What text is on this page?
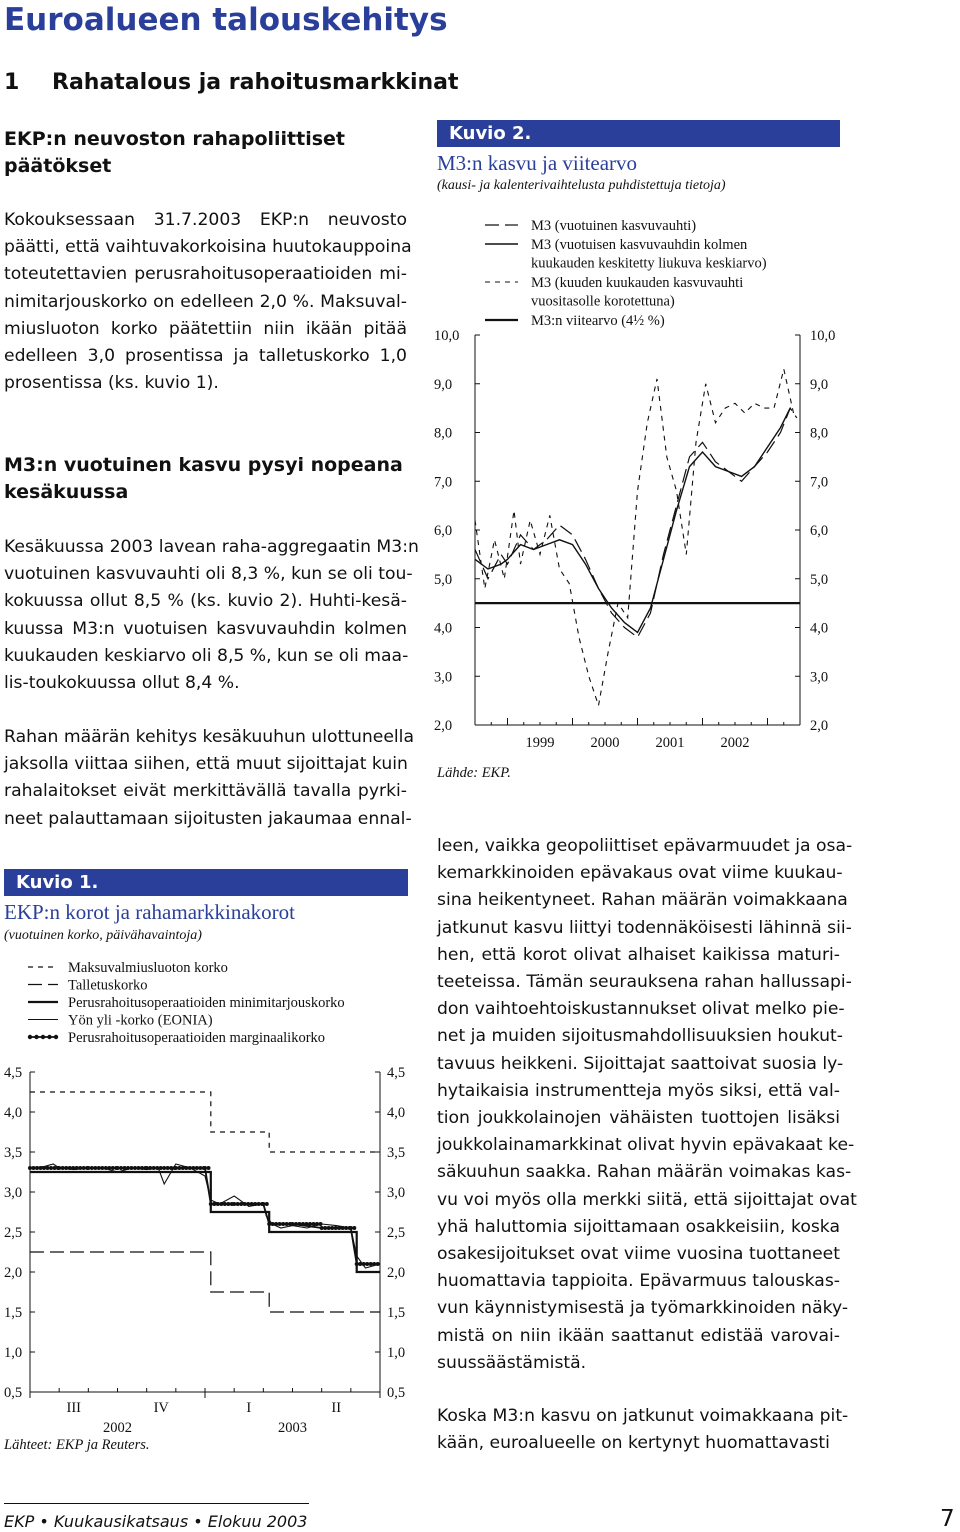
Euroalueen talouskehitys
1 Rahatalous ja rahoitusmarkkinat
EKP:n neuvoston rahapoliittiset
päätökset
Kokouksessaan 31.7.2003 EKP:n neuvosto
päätti, että vaihtuvakorkoisina huutokauppoina
toteutettavien perusrahoitusoperaatioiden mi-
nimitarjouskorko on edelleen 2,0 %. Maksuval-
miusluoton korko päätettiin niin ikään pitää
edelleen 3,0 prosentissa ja talletuskorko 1,0
prosentissa (ks. kuvio 1).
M3:n vuotuinen kasvu pysyi nopeana
kesäkuussa
Kesäkuussa 2003 lavean raha-aggregaatin M3:n
vuotuinen kasvuvauhti oli 8,3 %, kun se oli tou-
kokuussa ollut 8,5 % (ks. kuvio 2). Huhti-kesä-
kuussa M3:n vuotuisen kasvuvauhdin kolmen
kuukauden keskiarvo oli 8,5 %, kun se oli maa-
lis-toukokuussa ollut 8,4 %.
Rahan määrän kehitys kesäkuuhun ulottuneella
jaksolla viittaa siihen, että muut sijoittajat kuin
rahalaitokset eivät merkittävällä tavalla pyrki-
neet palauttamaan sijoitusten jakaumaa ennal-
Kuvio 1.
EKP:n korot ja rahamarkkinakorot
(vuotuinen korko, päivähavaintoja)
Maksuvalmiusluoton korko
Talletuskorko
Perusrahoitusoperaatioiden minimitarjouskorko
Yön yli -korko (EONIA)
Perusrahoitusoperaatioiden marginaalikorko
0,5	0,5
1,0	1,0
1,5	1,5
2,0	2,0
2,5	2,5
3,0	3,0
3,5	3,5
4,0	4,0
4,5	4,5
III	IV	I	II
2002	2003
Lähteet: EKP ja Reuters.
Kuvio 2.
M3:n kasvu ja viitearvo
(kausi- ja kalenterivaihtelusta puhdistettuja tietoja)
M3 (vuotuinen kasvuvauhti)
M3 (vuotuisen kasvuvauhdin kolmen kuukauden keskitetty liukuva keskiarvo)
M3 (kuuden kuukauden kasvuvauhti vuositasolle korotettuna)
M3:n viitearvo (4½ %)
2,0	2,0
3,0	3,0
4,0	4,0
5,0	5,0
6,0	6,0
7,0	7,0
8,0	8,0
9,0	9,0
10,0	10,0
1999 2000 2001 2002
Lähde: EKP.
leen, vaikka geopoliittiset epävarmuudet ja osa-
kemarkkinoiden epävakaus ovat viime kuukau-
sina heikentyneet. Rahan määrän voimakkaana
jatkunut kasvu liittyi todennäköisesti lähinnä sii-
hen, että korot olivat alhaiset kaikissa maturi-
teeteissa. Tämän seurauksena rahan hallussapi-
don vaihtoehtoiskustannukset olivat melko pie-
net ja muiden sijoitusmahdollisuuksien houkut-
tavuus heikkeni. Sijoittajat saattoivat suosia ly-
hytaikaisia instrumentteja myös siksi, että val-
tion joukkolainojen vähäisten tuottojen lisäksi
joukkolainamarkkinat olivat hyvin epävakaat ke-
säkuuhun saakka. Rahan määrän voimakas kas-
vu voi myös olla merkki siitä, että sijoittajat ovat
yhä haluttomia sijoittamaan osakkeisiin, koska
osakesijoitukset ovat viime vuosina tuottaneet
huomattavia tappioita. Epävarmuus talouskas-
vun käynnistymisestä ja työmarkkinoiden näky-
mistä on niin ikään saattanut edistää varovai-
suussäästämistä.
Koska M3:n kasvu on jatkunut voimakkaana pit-
kään, euroalueelle on kertynyt huomattavasti
EKP • Kuukausikatsaus • Elokuu 2003	7
